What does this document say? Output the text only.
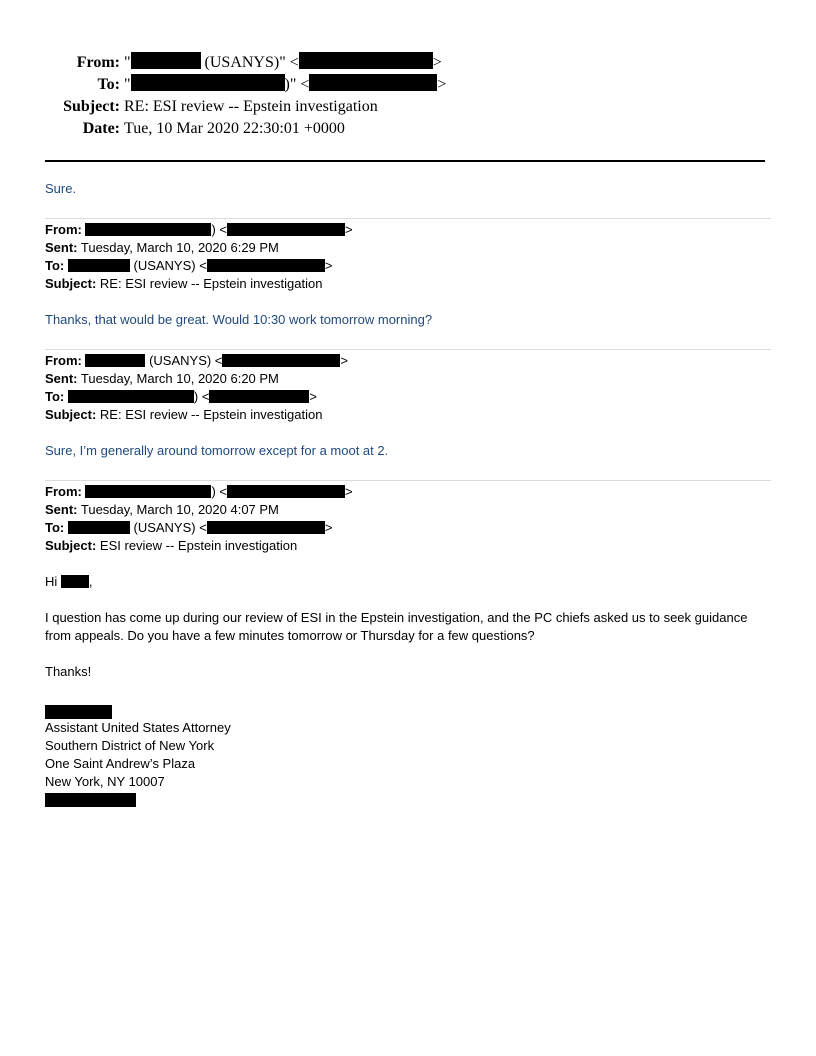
From: "	(USANYS)" <	>
To: "	)" <	>
Subject: RE: ESI review -- Epstein investigation
Date: Tue, 10 Mar 2020 22:30:01 +0000

Sure.

From:	) <	>
Sent: Tuesday, March 10, 2020 6:29 PM
To:	(USANYS) <	>
Subject: RE: ESI review -- Epstein investigation

Thanks, that would be great. Would 10:30 work tomorrow morning?

From:	(USANYS) <	>
Sent: Tuesday, March 10, 2020 6:20 PM
To:	) <	>
Subject: RE: ESI review -- Epstein investigation

Sure, I’m generally around tomorrow except for a moot at 2.

From:	) <	>
Sent: Tuesday, March 10, 2020 4:07 PM
To:	(USANYS) <	>
Subject: ESI review -- Epstein investigation

Hi ,

I question has come up during our review of ESI in the Epstein investigation, and the PC chiefs asked us to seek guidance from appeals. Do you have a few minutes tomorrow or Thursday for a few questions?

Thanks!

Assistant United States Attorney

Southern District of New York

One Saint Andrew’s Plaza

New York, NY 10007
